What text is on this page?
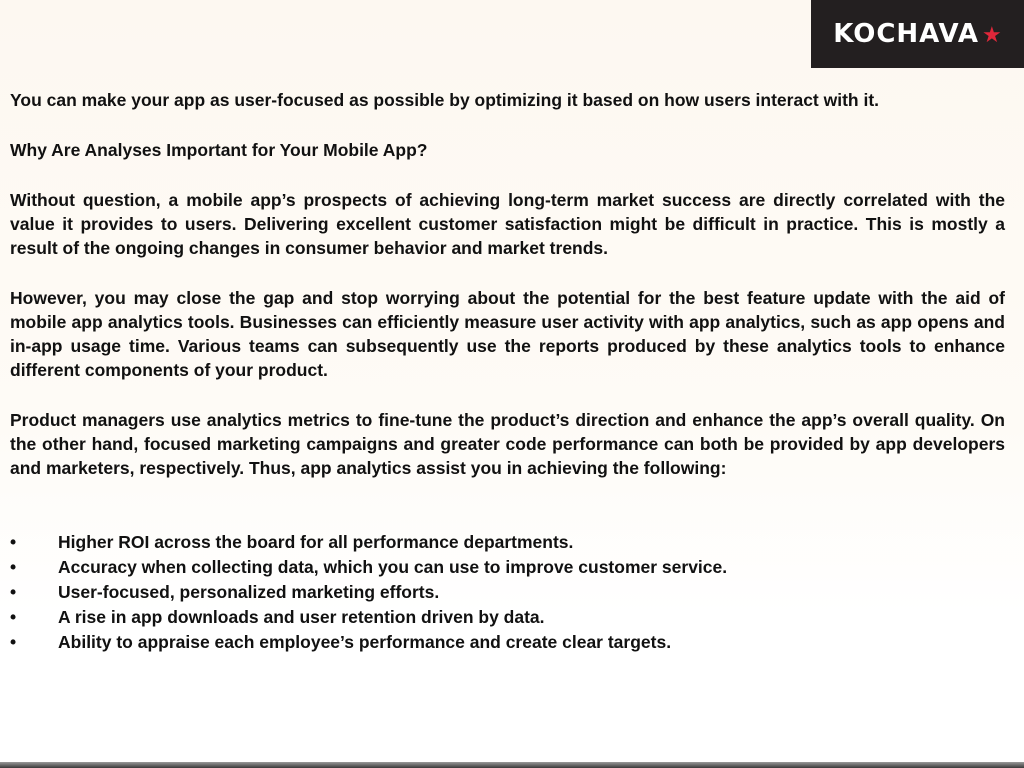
KOCHAVA ★

You can make your app as user-focused as possible by optimizing it based on how users interact with it.

Why Are Analyses Important for Your Mobile App?

Without question, a mobile app’s prospects of achieving long-term market success are directly correlated with the value it provides to users. Delivering excellent customer satisfaction might be difficult in practice. This is mostly a result of the ongoing changes in consumer behavior and market trends.

However, you may close the gap and stop worrying about the potential for the best feature update with the aid of mobile app analytics tools. Businesses can efficiently measure user activity with app analytics, such as app opens and in-app usage time. Various teams can subsequently use the reports produced by these analytics tools to enhance different components of your product.

Product managers use analytics metrics to fine-tune the product’s direction and enhance the app’s overall quality. On the other hand, focused marketing campaigns and greater code performance can both be provided by app developers and marketers, respectively. Thus, app analytics assist you in achieving the following:

•	Higher ROI across the board for all performance departments.
•	Accuracy when collecting data, which you can use to improve customer service.
•	User-focused, personalized marketing efforts.
•	A rise in app downloads and user retention driven by data.
•	Ability to appraise each employee’s performance and create clear targets.
